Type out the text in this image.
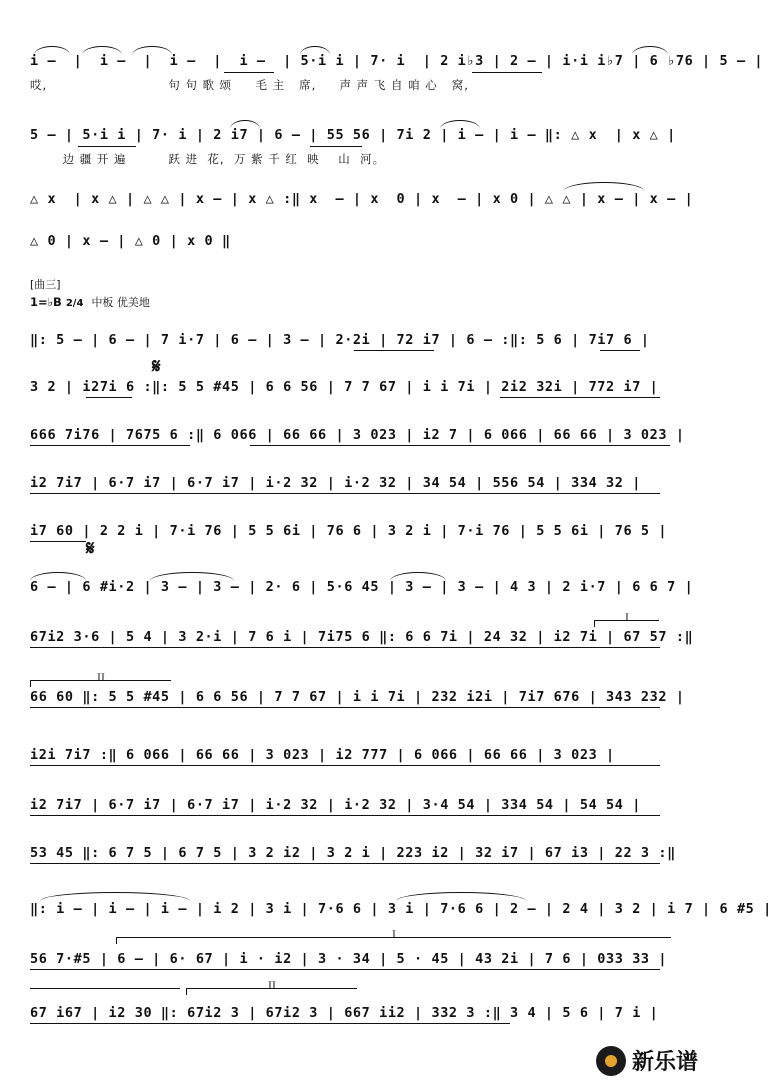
i –  |  i –  |  i –  |  i –  | 5·i i | 7· i  | 2 i♭3 | 2 – | i·i i♭7 | 6 ♭76 | 5 – |
哎,                          句 句 歌 颂     毛 主   席,     声 声 飞 自 咱 心   窝,
5 – | 5·i i | 7· i | 2 i7 | 6 – | 55 56 | 7i 2 | i – | i – ‖: △ x  | x △ |
边 疆 开 遍         跃 进  花,  万 紫 千 红  映    山  河。
△ x  | x △ | △ △ | x – | x △ :‖ x  – | x  0 | x  – | x 0 | △ △ | x – | x – |
△ 0 | x – | △ 0 | x 0 ‖
[曲三]
1=♭B 2/4 中板 优美地
‖: 5 – | 6 – | 7 i·7 | 6 – | 3 – | 2·2i | 72 i7 | 6 – :‖: 5 6 | 7i7 6 |
3 2 | i27i 6 :‖: 5 5 #45 | 6 6 56 | 7 7 67 | i i 7i | 2i2 32i | 772 i7 |
𝄋
666 7i76 | 7675 6 :‖ 6 066 | 66 66 | 3 023 | i2 7 | 6 066 | 66 66 | 3 023 |
i2 7i7 | 6·7 i7 | 6·7 i7 | i·2 32 | i·2 32 | 34 54 | 556 54 | 334 32 |
i7 60 | 2 2 i | 7·i 76 | 5 5 6i | 76 6 | 3 2 i | 7·i 76 | 5 5 6i | 76 5 |
𝄋
6 – | 6 #i·2 | 3 – | 3 – | 2· 6 | 5·6 45 | 3 – | 3 – | 4 3 | 2 i·7 | 6 6 7 |
67i2 3·6 | 5 4 | 3 2·i | 7 6 i | 7i75 6 ‖: 6 6 7i | 24 32 | i2 7i | 67 57 :‖
I
II
66 60 ‖: 5 5 #45 | 6 6 56 | 7 7 67 | i i 7i | 232 i2i | 7i7 676 | 343 232 |
i2i 7i7 :‖ 6 066 | 66 66 | 3 023 | i2 777 | 6 066 | 66 66 | 3 023 |
i2 7i7 | 6·7 i7 | 6·7 i7 | i·2 32 | i·2 32 | 3·4 54 | 334 54 | 54 54 |
53 45 ‖: 6 7 5 | 6 7 5 | 3 2 i2 | 3 2 i | 223 i2 | 32 i7 | 67 i3 | 22 3 :‖
‖: i – | i – | i – | i 2 | 3 i | 7·6 6 | 3 i | 7·6 6 | 2 – | 2 4 | 3 2 | i 7 | 6 #5 |
I
56 7·#5 | 6 – | 6· 67 | i · i2 | 3 · 34 | 5 · 45 | 43 2i | 7 6 | 033 33 |
II
67 i67 | i2 30 ‖: 67i2 3 | 67i2 3 | 667 ii2 | 332 3 :‖ 3 4 | 5 6 | 7 i |
新乐谱
